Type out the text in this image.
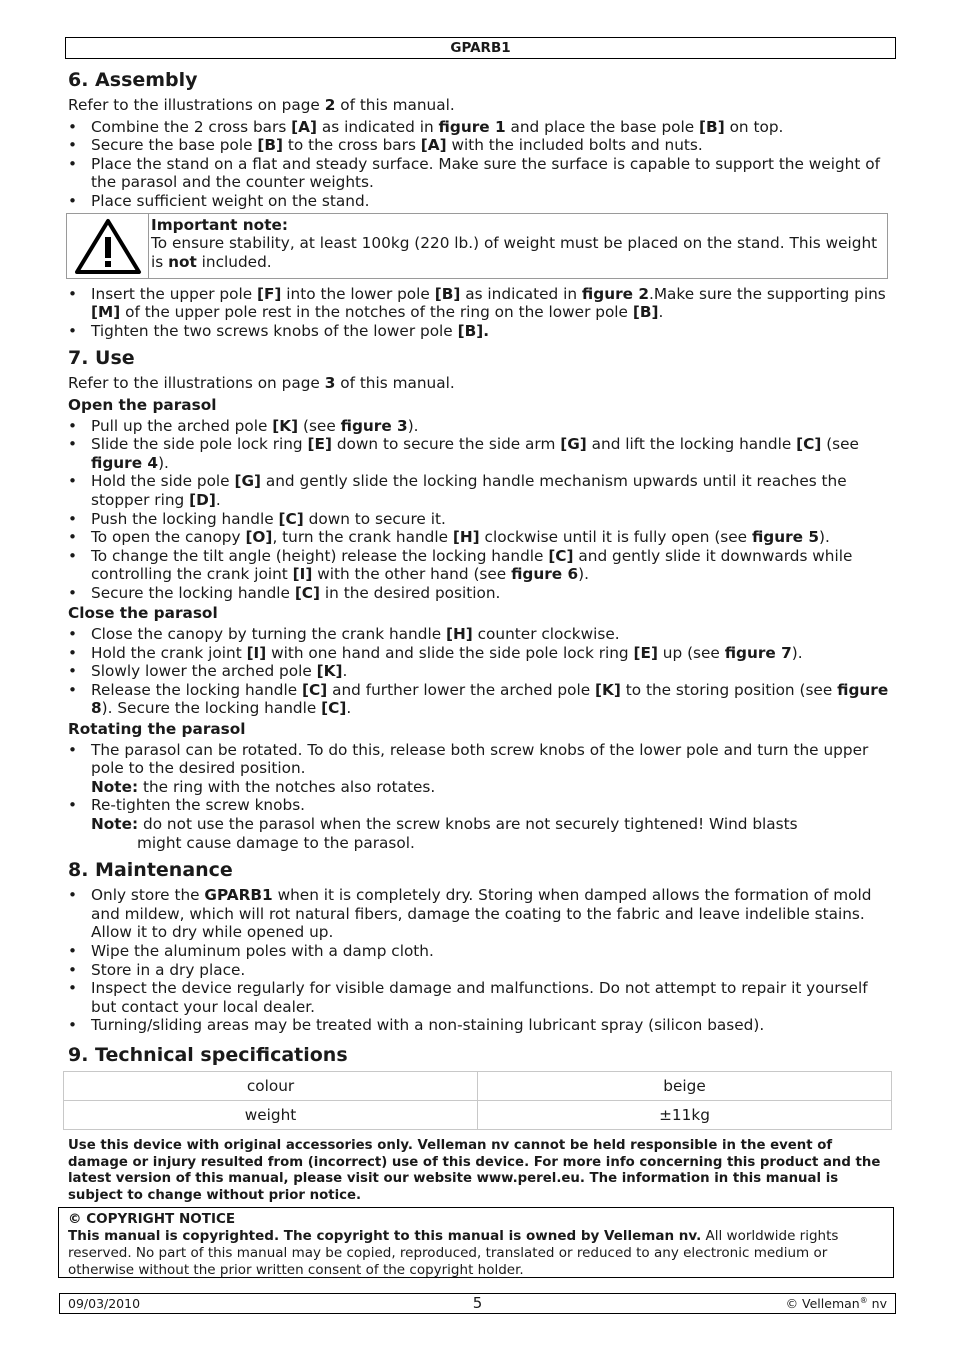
GPARB1
6. Assembly

Refer to the illustrations on page 2 of this manual.

• Combine the 2 cross bars [A] as indicated in figure 1 and place the base pole [B] on top.
• Secure the base pole [B] to the cross bars [A] with the included bolts and nuts.
• Place the stand on a flat and steady surface. Make sure the surface is capable to support the weight of the parasol and the counter weights.
• Place sufficient weight on the stand.
Important note:
To ensure stability, at least 100kg (220 lb.) of weight must be placed on the stand. This weight is not included.
• Insert the upper pole [F] into the lower pole [B] as indicated in figure 2.Make sure the supporting pins [M] of the upper pole rest in the notches of the ring on the lower pole [B].
• Tighten the two screws knobs of the lower pole [B].
7. Use

Refer to the illustrations on page 3 of this manual.

Open the parasol
• Pull up the arched pole [K] (see figure 3).
• Slide the side pole lock ring [E] down to secure the side arm [G] and lift the locking handle [C] (see figure 4).
• Hold the side pole [G] and gently slide the locking handle mechanism upwards until it reaches the stopper ring [D].
• Push the locking handle [C] down to secure it.
• To open the canopy [O], turn the crank handle [H] clockwise until it is fully open (see figure 5).
• To change the tilt angle (height) release the locking handle [C] and gently slide it downwards while controlling the crank joint [I] with the other hand (see figure 6).
• Secure the locking handle [C] in the desired position.
Close the parasol
• Close the canopy by turning the crank handle [H] counter clockwise.
• Hold the crank joint [I] with one hand and slide the side pole lock ring [E] up (see figure 7).
• Slowly lower the arched pole [K].
• Release the locking handle [C] and further lower the arched pole [K] to the storing position (see figure 8). Secure the locking handle [C].
Rotating the parasol
• The parasol can be rotated. To do this, release both screw knobs of the lower pole and turn the upper pole to the desired position.
Note: the ring with the notches also rotates.
• Re-tighten the screw knobs.
Note: do not use the parasol when the screw knobs are not securely tightened! Wind blasts
might cause damage to the parasol.
8. Maintenance
• Only store the GPARB1 when it is completely dry. Storing when damped allows the formation of mold and mildew, which will rot natural fibers, damage the coating to the fabric and leave indelible stains. Allow it to dry while opened up.
• Wipe the aluminum poles with a damp cloth.
• Store in a dry place.
• Inspect the device regularly for visible damage and malfunctions. Do not attempt to repair it yourself but contact your local dealer.
• Turning/sliding areas may be treated with a non-staining lubricant spray (silicon based).
9. Technical specifications
colour	beige
weight	±11kg
Use this device with original accessories only. Velleman nv cannot be held responsible in the event of damage or injury resulted from (incorrect) use of this device. For more info concerning this product and the latest version of this manual, please visit our website www.perel.eu. The information in this manual is subject to change without prior notice.
© COPYRIGHT NOTICE
This manual is copyrighted. The copyright to this manual is owned by Velleman nv. All worldwide rights reserved. No part of this manual may be copied, reproduced, translated or reduced to any electronic medium or otherwise without the prior written consent of the copyright holder.
09/03/2010	5	© Velleman® nv
